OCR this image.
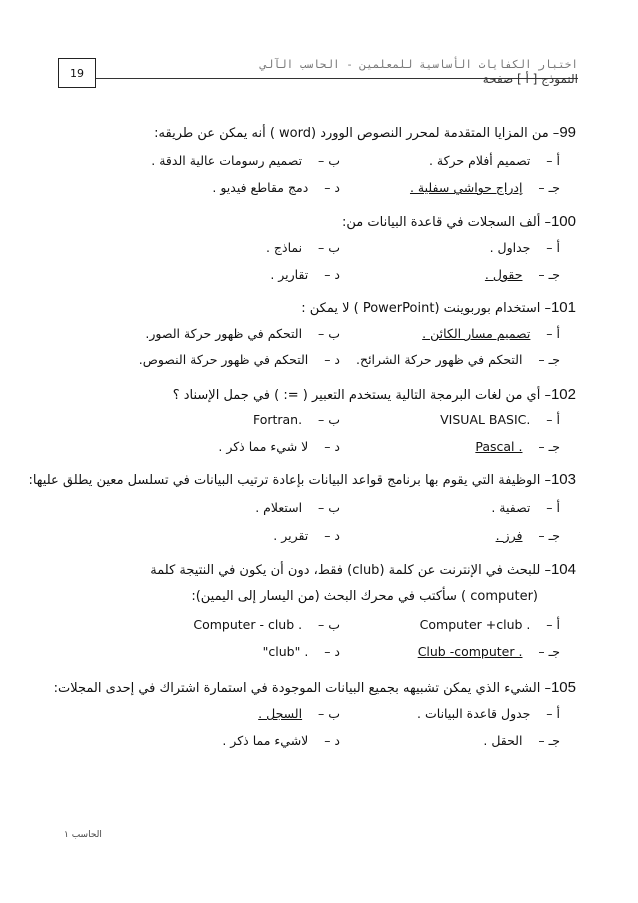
19
اختبار الكفايات الأساسية للمعلمين - الحاسب الآلي
النموذج [ أ ] صفحة
99– من المزايا المتقدمة لمحرر النصوص الوورد (word ) أنه يمكن عن طريقه:
أ –    تصميم أفلام حركة .
ب –    تصميم رسومات عالية الدقة .
جـ –    إدراج حواشي سفلية .
د –    دمج مقاطع فيديو .
100– ألف السجلات في قاعدة البيانات من:
أ –    جداول .
ب –    نماذج .
جـ –    حقول .
د –    تقارير .
101– استخدام بوربوينت (PowerPoint ) لا يمكن :
أ –    تصميم مسار الكائن .
ب –    التحكم في ظهور حركة الصور.
جـ –    التحكم في ظهور حركة الشرائح.
د –    التحكم في ظهور حركة النصوص.
102– أي من لغات البرمجة التالية يستخدم التعبير ( =: ) في جمل الإسناد ؟
أ –    VISUAL BASIC.
ب –    Fortran.
جـ –    Pascal .
د –    لا شيء مما ذكر .
103– الوظيفة التي يقوم بها برنامج قواعد البيانات بإعادة ترتيب البيانات في تسلسل معين يطلق عليها:
أ –    تصفية .
ب –    استعلام .
جـ –    فرز .
د –    تقرير .
104– للبحث في الإنترنت عن كلمة (club) فقط، دون أن يكون في النتيجة كلمة
(computer ) سأكتب في محرك البحث (من اليسار إلى اليمين):
أ –    Computer +club .
ب –    Computer - club .
جـ –    Club -computer .
د –    "club" .
105– الشيء الذي يمكن تشبيهه بجميع البيانات الموجودة في استمارة اشتراك في إحدى المجلات:
أ –    جدول قاعدة البيانات .
ب –    السجل .
جـ –    الحقل .
د –    لاشيء مما ذكر .
الحاسب ١
